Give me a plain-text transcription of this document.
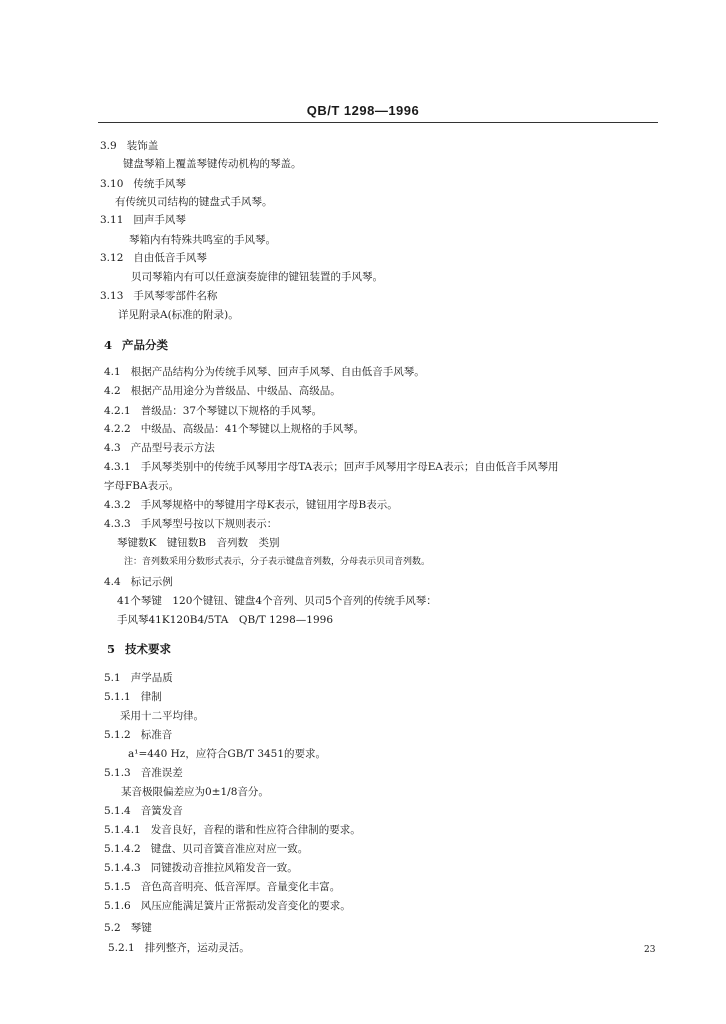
QB/T 1298—1996
3.9 装饰盖
键盘琴箱上覆盖琴键传动机构的琴盖。
3.10 传统手风琴
有传统贝司结构的键盘式手风琴。
3.11 回声手风琴
琴箱内有特殊共鸣室的手风琴。
3.12 自由低音手风琴
贝司琴箱内有可以任意演奏旋律的键钮装置的手风琴。
3.13 手风琴零部件名称
详见附录A(标准的附录)。
4 产品分类
4.1 根据产品结构分为传统手风琴、回声手风琴、自由低音手风琴。
4.2 根据产品用途分为普级品、中级品、高级品。
4.2.1 普级品：37个琴键以下规格的手风琴。
4.2.2 中级品、高级品：41个琴键以上规格的手风琴。
4.3 产品型号表示方法
4.3.1 手风琴类别中的传统手风琴用字母TA表示；回声手风琴用字母EA表示；自由低音手风琴用
字母FBA表示。
4.3.2 手风琴规格中的琴键用字母K表示，键钮用字母B表示。
4.3.3 手风琴型号按以下规则表示：
琴键数K　键钮数B　音列数　类别
注：音列数采用分数形式表示，分子表示键盘音列数，分母表示贝司音列数。
4.4 标记示例
41个琴键　120个键钮、键盘4个音列、贝司5个音列的传统手风琴：
手风琴41K120B4/5TA　QB/T 1298—1996
5 技术要求
5.1 声学品质
5.1.1 律制
采用十二平均律。
5.1.2 标准音
a¹=440 Hz，应符合GB/T 3451的要求。
5.1.3 音准误差
某音极限偏差应为0±1/8音分。
5.1.4 音簧发音
5.1.4.1 发音良好，音程的谐和性应符合律制的要求。
5.1.4.2 键盘、贝司音簧音准应对应一致。
5.1.4.3 同键拨动音推拉风箱发音一致。
5.1.5 音色高音明亮、低音浑厚。音量变化丰富。
5.1.6 风压应能满足簧片正常振动发音变化的要求。
5.2 琴键
5.2.1 排列整齐，运动灵活。	23
